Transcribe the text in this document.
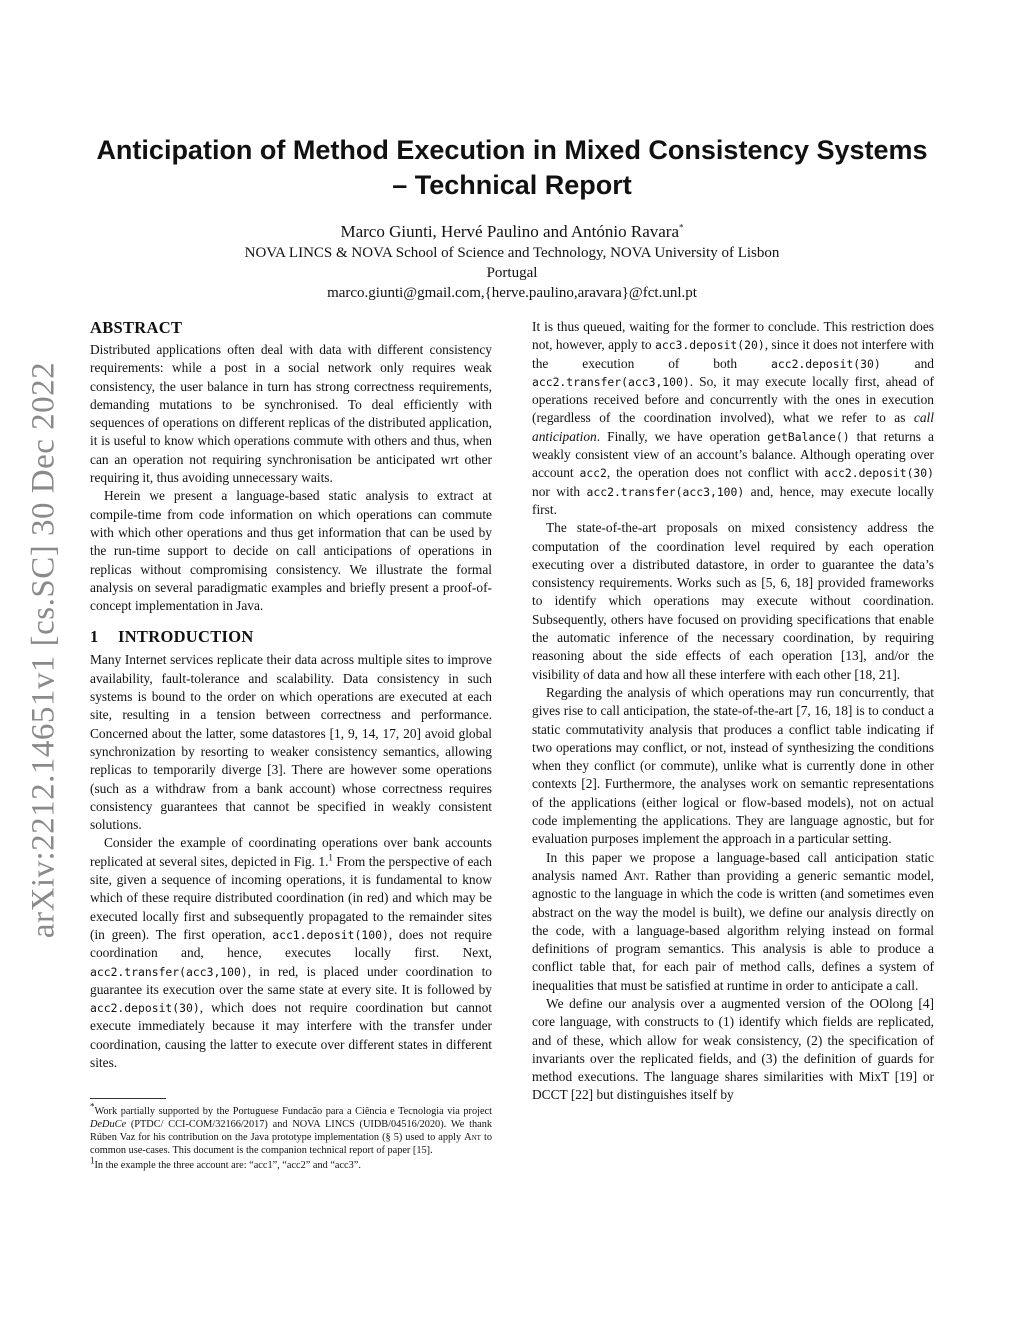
arXiv:2212.14651v1 [cs.SC] 30 Dec 2022
Anticipation of Method Execution in Mixed Consistency Systems
– Technical Report
Marco Giunti, Hervé Paulino and António Ravara*
NOVA LINCS & NOVA School of Science and Technology, NOVA University of Lisbon
Portugal
marco.giunti@gmail.com,{herve.paulino,aravara}@fct.unl.pt
ABSTRACT

Distributed applications often deal with data with different consistency requirements: while a post in a social network only requires weak consistency, the user balance in turn has strong correctness requirements, demanding mutations to be synchronised. To deal efficiently with sequences of operations on different replicas of the distributed application, it is useful to know which operations commute with others and thus, when can an operation not requiring synchronisation be anticipated wrt other requiring it, thus avoiding unnecessary waits.

Herein we present a language-based static analysis to extract at compile-time from code information on which operations can commute with which other operations and thus get information that can be used by the run-time support to decide on call anticipations of operations in replicas without compromising consistency. We illustrate the formal analysis on several paradigmatic examples and briefly present a proof-of-concept implementation in Java.

1 INTRODUCTION

Many Internet services replicate their data across multiple sites to improve availability, fault-tolerance and scalability. Data consistency in such systems is bound to the order on which operations are executed at each site, resulting in a tension between correctness and performance. Concerned about the latter, some datastores [1, 9, 14, 17, 20] avoid global synchronization by resorting to weaker consistency semantics, allowing replicas to temporarily diverge [3]. There are however some operations (such as a withdraw from a bank account) whose correctness requires consistency guarantees that cannot be specified in weakly consistent solutions.

Consider the example of coordinating operations over bank accounts replicated at several sites, depicted in Fig. 1.$^1$ From the perspective of each site, given a sequence of incoming operations, it is fundamental to know which of these require distributed coordination (in red) and which may be executed locally first and subsequently propagated to the remainder sites (in green). The first operation, acc1.deposit(100), does not require coordination and, hence, executes locally first. Next, acc2.transfer(acc3,100), in red, is placed under coordination to guarantee its execution over the same state at every site. It is followed by acc2.deposit(30), which does not require coordination but cannot execute immediately because it may interfere with the transfer under coordination, causing the latter to execute over different states in different sites.

*Work partially supported by the Portuguese Fundacão para a Ciência e Tecnologia via project DeDuCe (PTDC/ CCI-COM/32166/2017) and NOVA LINCS (UIDB/04516/2020). We thank Rúben Vaz for his contribution on the Java prototype implementation (§ 5) used to apply Ant to common use-cases. This document is the companion technical report of paper [15].

$^1$In the example the three account are: “acc1”, “acc2” and “acc3”.

It is thus queued, waiting for the former to conclude. This restriction does not, however, apply to acc3.deposit(20), since it does not interfere with the execution of both acc2.deposit(30) and acc2.transfer(acc3,100). So, it may execute locally first, ahead of operations received before and concurrently with the ones in execution (regardless of the coordination involved), what we refer to as call anticipation. Finally, we have operation getBalance() that returns a weakly consistent view of an account’s balance. Although operating over account acc2, the operation does not conflict with acc2.deposit(30) nor with acc2.transfer(acc3,100) and, hence, may execute locally first.

The state-of-the-art proposals on mixed consistency address the computation of the coordination level required by each operation executing over a distributed datastore, in order to guarantee the data’s consistency requirements. Works such as [5, 6, 18] provided frameworks to identify which operations may execute without coordination. Subsequently, others have focused on providing specifications that enable the automatic inference of the necessary coordination, by requiring reasoning about the side effects of each operation [13], and/or the visibility of data and how all these interfere with each other [18, 21].

Regarding the analysis of which operations may run concurrently, that gives rise to call anticipation, the state-of-the-art [7, 16, 18] is to conduct a static commutativity analysis that produces a conflict table indicating if two operations may conflict, or not, instead of synthesizing the conditions when they conflict (or commute), unlike what is currently done in other contexts [2]. Furthermore, the analyses work on semantic representations of the applications (either logical or flow-based models), not on actual code implementing the applications. They are language agnostic, but for evaluation purposes implement the approach in a particular setting.

In this paper we propose a language-based call anticipation static analysis named Ant. Rather than providing a generic semantic model, agnostic to the language in which the code is written (and sometimes even abstract on the way the model is built), we define our analysis directly on the code, with a language-based algorithm relying instead on formal definitions of program semantics. This analysis is able to produce a conflict table that, for each pair of method calls, defines a system of inequalities that must be satisfied at runtime in order to anticipate a call.

We define our analysis over a augmented version of the OOlong [4] core language, with constructs to (1) identify which fields are replicated, and of these, which allow for weak consistency, (2) the specification of invariants over the replicated fields, and (3) the definition of guards for method executions. The language shares similarities with MixT [19] or DCCT [22] but distinguishes itself by
